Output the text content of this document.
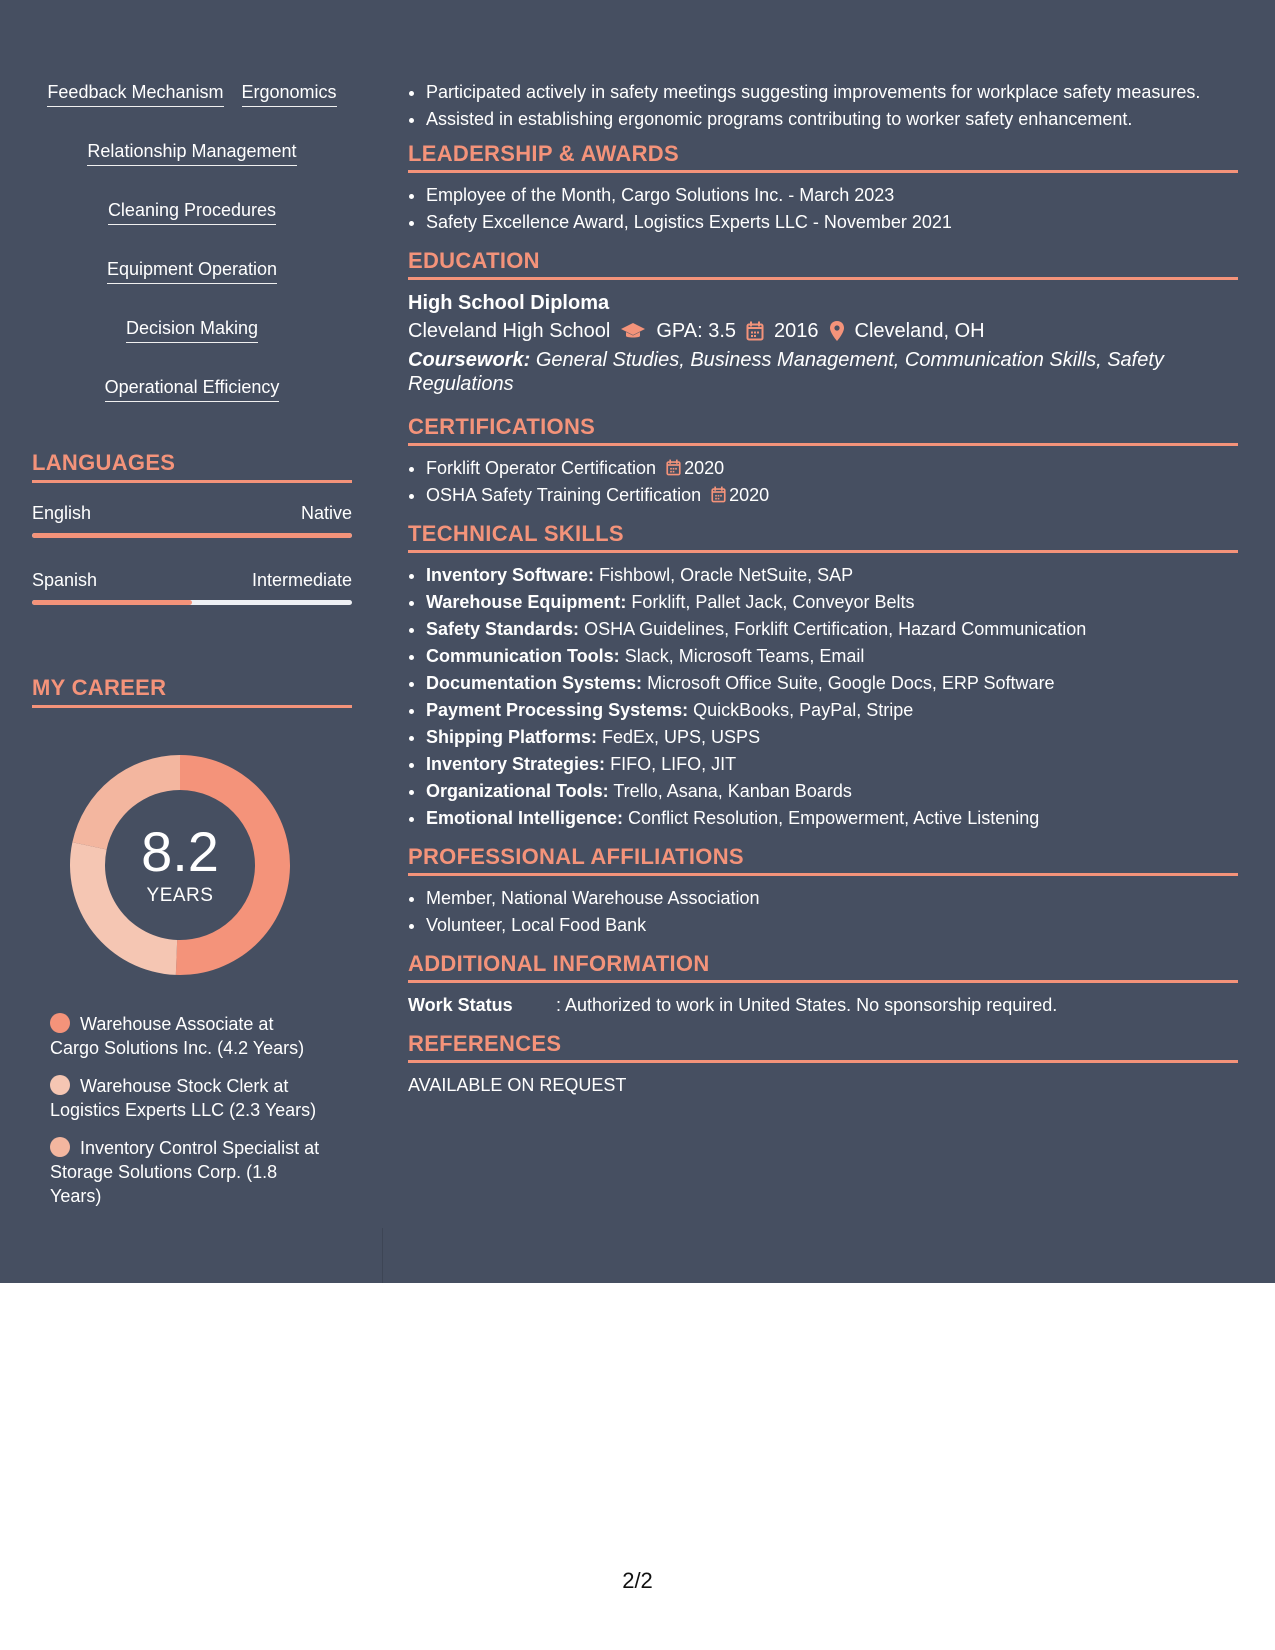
Feedback Mechanism Ergonomics
Relationship Management
Cleaning Procedures
Equipment Operation
Decision Making
Operational Efficiency
LANGUAGES
English	Native
Spanish	Intermediate
MY CAREER
8.2
YEARS
Warehouse Associate at Cargo Solutions Inc. (4.2 Years)
Warehouse Stock Clerk at Logistics Experts LLC (2.3 Years)
Inventory Control Specialist at Storage Solutions Corp. (1.8 Years)
• Participated actively in safety meetings suggesting improvements for workplace safety measures.
• Assisted in establishing ergonomic programs contributing to worker safety enhancement.
LEADERSHIP & AWARDS
• Employee of the Month, Cargo Solutions Inc. - March 2023
• Safety Excellence Award, Logistics Experts LLC - November 2021
EDUCATION
High School Diploma
Cleveland High School GPA: 3.5 2016 Cleveland, OH
Coursework: General Studies, Business Management, Communication Skills, Safety Regulations
CERTIFICATIONS
• Forklift Operator Certification 2020
• OSHA Safety Training Certification 2020
TECHNICAL SKILLS
• Inventory Software: Fishbowl, Oracle NetSuite, SAP
• Warehouse Equipment: Forklift, Pallet Jack, Conveyor Belts
• Safety Standards: OSHA Guidelines, Forklift Certification, Hazard Communication
• Communication Tools: Slack, Microsoft Teams, Email
• Documentation Systems: Microsoft Office Suite, Google Docs, ERP Software
• Payment Processing Systems: QuickBooks, PayPal, Stripe
• Shipping Platforms: FedEx, UPS, USPS
• Inventory Strategies: FIFO, LIFO, JIT
• Organizational Tools: Trello, Asana, Kanban Boards
• Emotional Intelligence: Conflict Resolution, Empowerment, Active Listening
PROFESSIONAL AFFILIATIONS
• Member, National Warehouse Association
• Volunteer, Local Food Bank
ADDITIONAL INFORMATION
Work Status	: Authorized to work in United States. No sponsorship required.
REFERENCES
AVAILABLE ON REQUEST
2/2
